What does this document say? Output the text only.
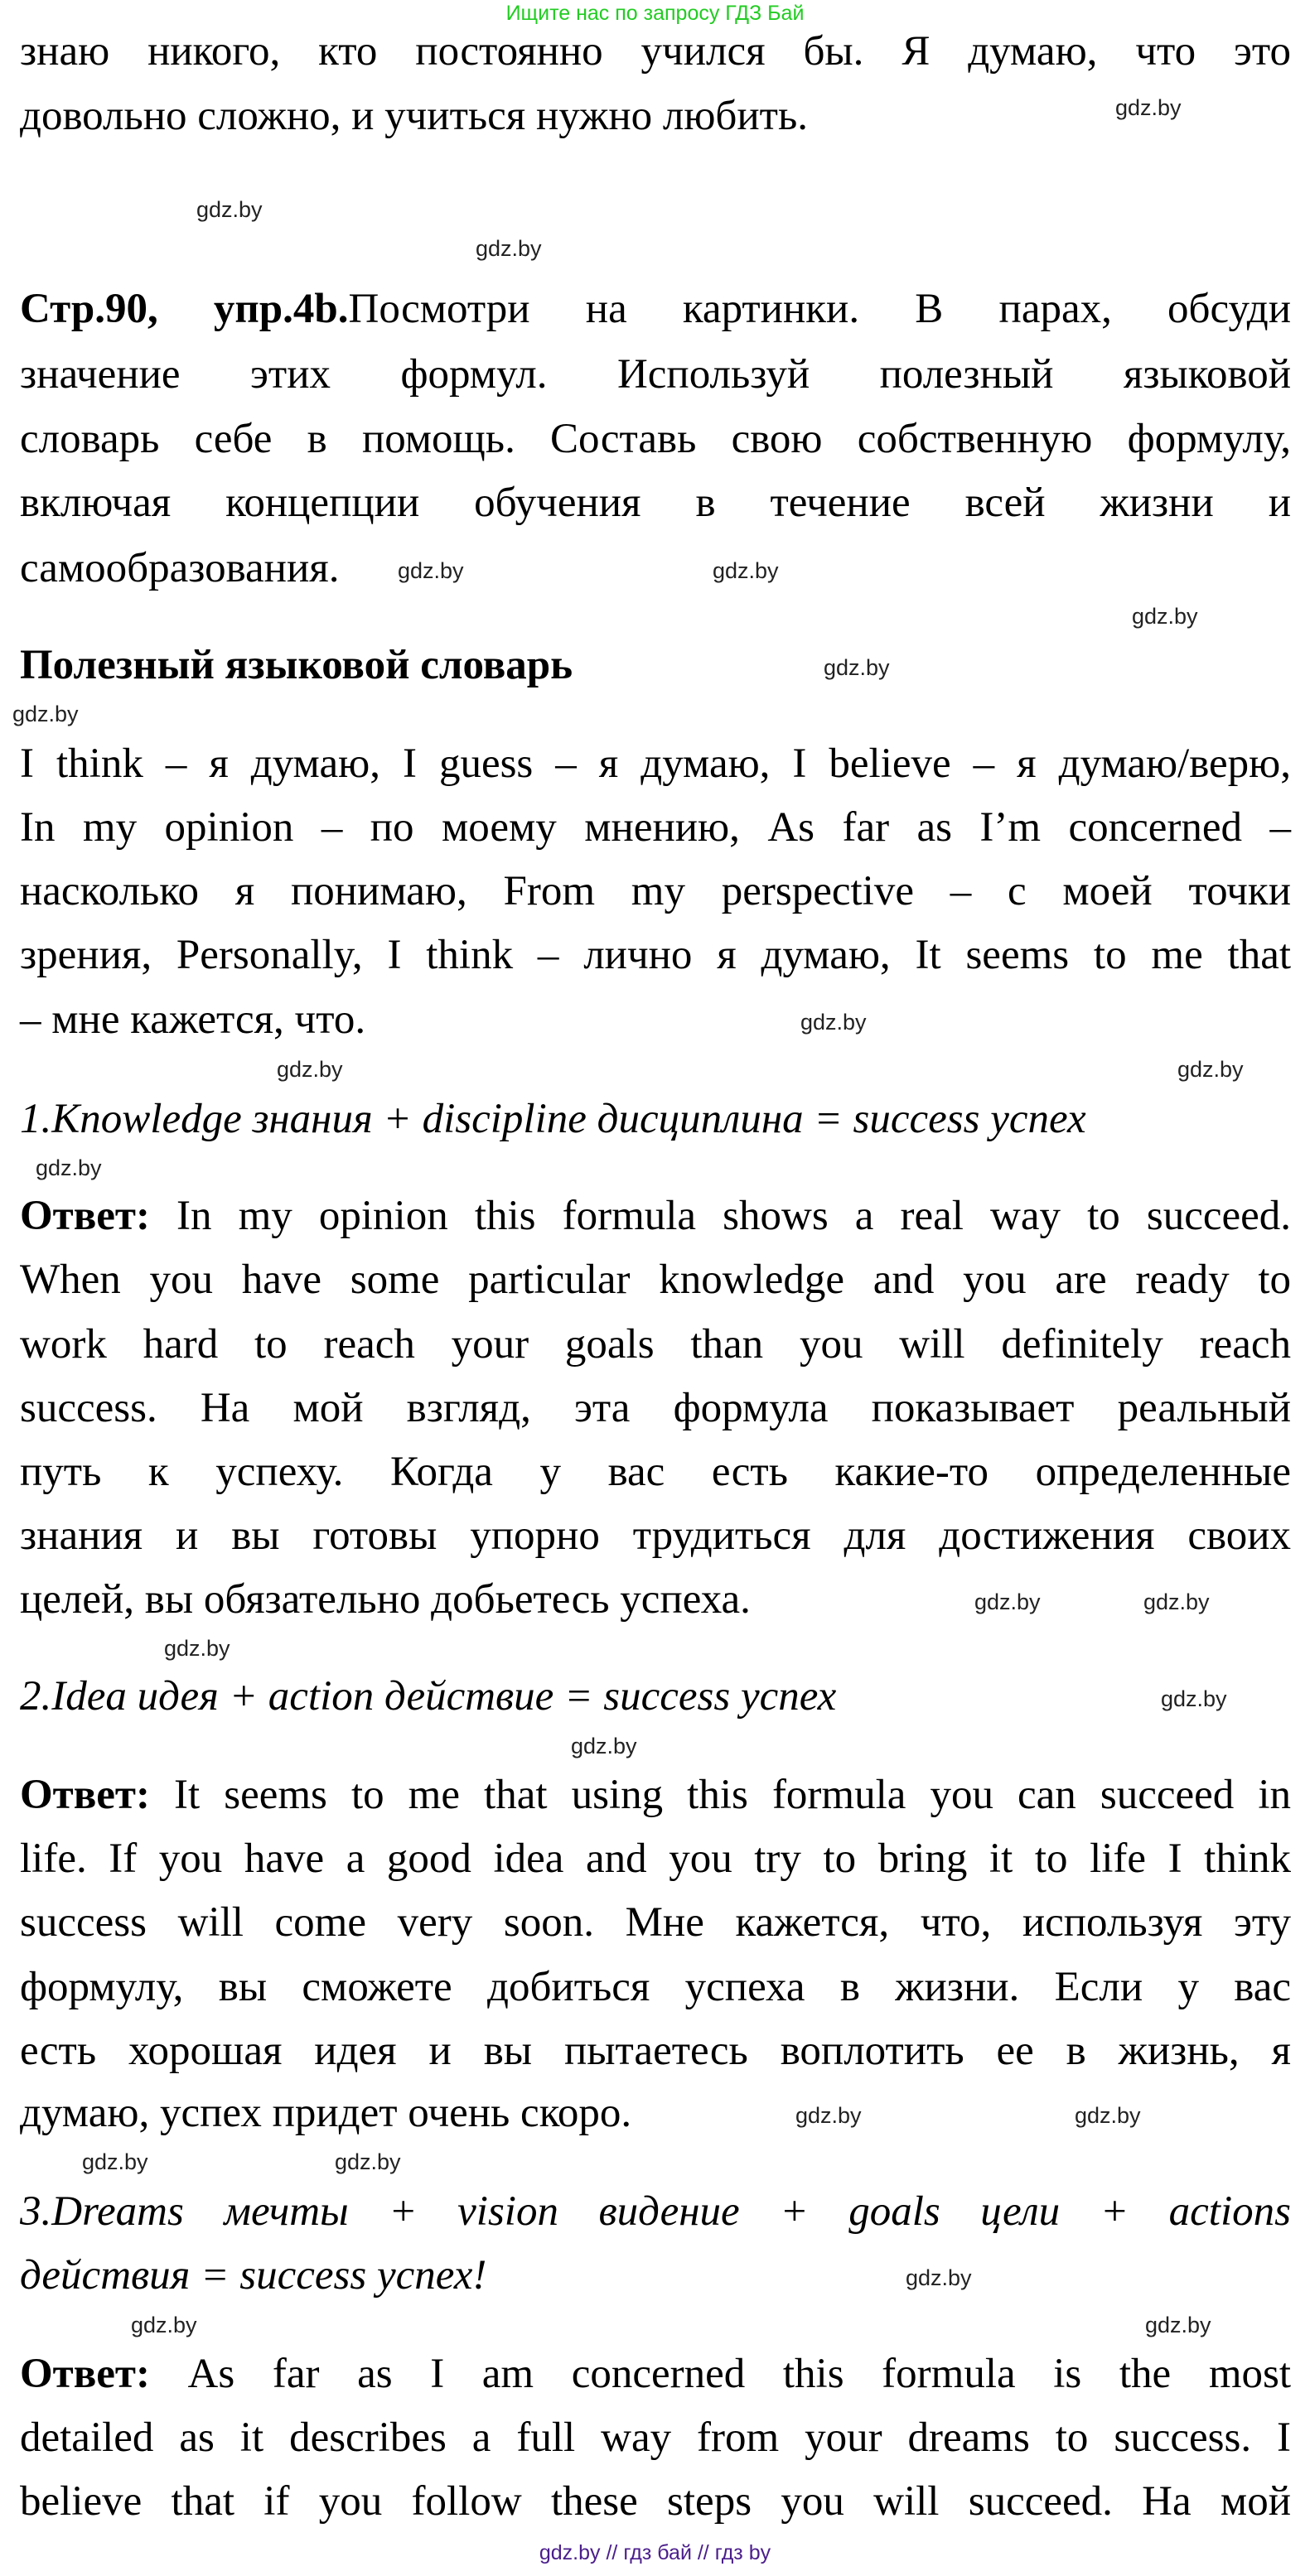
Ищите нас по запросу ГДЗ Бай
знаю никого, кто постоянно учился бы. Я думаю, что это
довольно сложно, и учиться нужно любить.
Стр.90, упр.4b.Посмотри на картинки. В парах, обсуди
значение этих формул. Используй полезный языковой
словарь себе в помощь. Составь свою собственную формулу,
включая концепции обучения в течение всей жизни и
самообразования.
Полезный языковой словарь
I think – я думаю, I guess – я думаю, I believe – я думаю/верю,
In my opinion – по моему мнению, As far as I’m concerned –
насколько я понимаю, From my perspective – с моей точки
зрения, Personally, I think – лично я думаю, It seems to me that
– мне кажется, что.
1.Knowledge знания + discipline дисциплина = success успех
Ответ: In my opinion this formula shows a real way to succeed.
When you have some particular knowledge and you are ready to
work hard to reach your goals than you will definitely reach
success. На мой взгляд, эта формула показывает реальный
путь к успеху. Когда у вас есть какие-то определенные
знания и вы готовы упорно трудиться для достижения своих
целей, вы обязательно добьетесь успеха.
2.Idea идея + action действие = success успех
Ответ: It seems to me that using this formula you can succeed in
life. If you have a good idea and you try to bring it to life I think
success will come very soon. Мне кажется, что, используя эту
формулу, вы сможете добиться успеха в жизни. Если у вас
есть хорошая идея и вы пытаетесь воплотить ее в жизнь, я
думаю, успех придет очень скоро.
3.Dreams мечты + vision видение + goals цели + actions
действия = success успех!
Ответ: As far as I am concerned this formula is the most
detailed as it describes a full way from your dreams to success. I
believe that if you follow these steps you will succeed. На мой
gdz.by
gdz.by
gdz.by
gdz.by
gdz.by
gdz.by
gdz.by
gdz.by
gdz.by
gdz.by
gdz.by
gdz.by
gdz.by
gdz.by
gdz.by
gdz.by
gdz.by
gdz.by	gdz.by
gdz.by	gdz.by
gdz.by
gdz.by	gdz.by
gdz.by // гдз бай // гдз by
